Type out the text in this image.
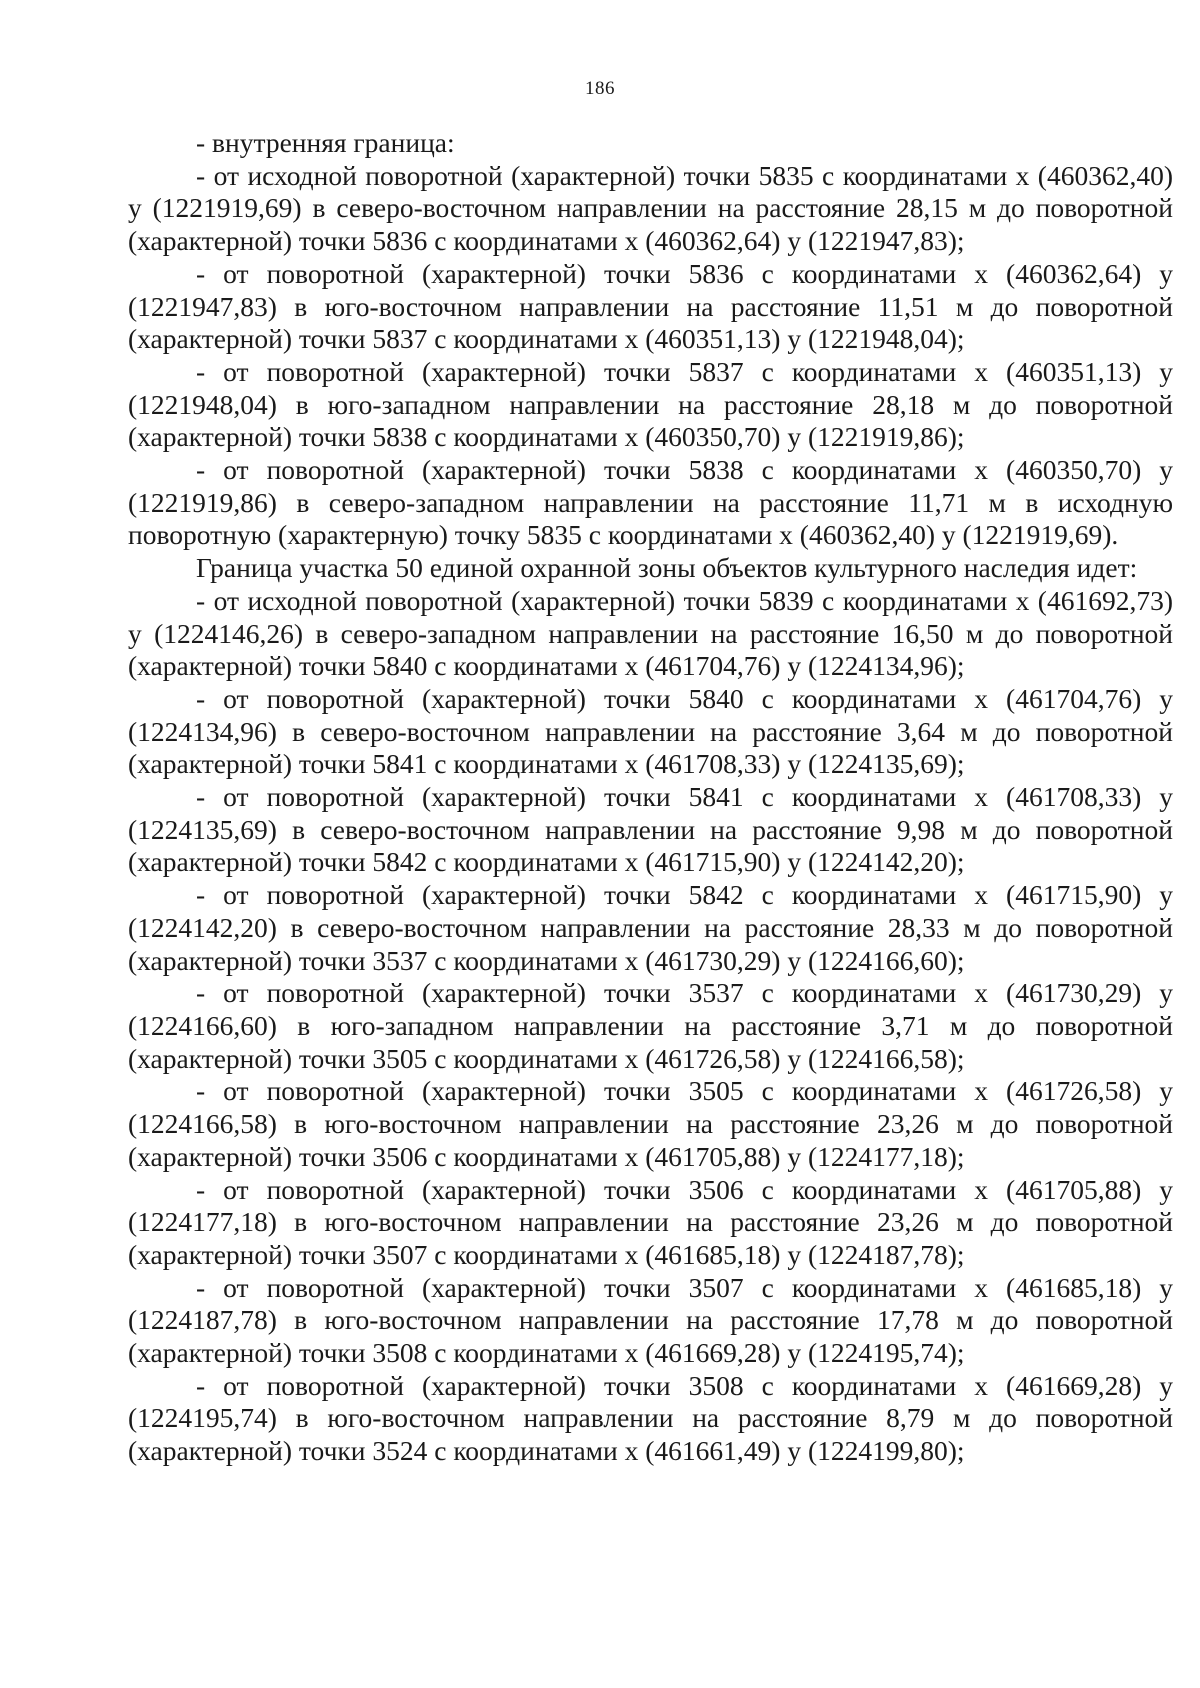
186

- внутренняя граница:

- от исходной поворотной (характерной) точки 5835 с координатами х (460362,40) у (1221919,69) в северо-восточном направлении на расстояние 28,15 м до поворотной (характерной) точки 5836 с координатами х (460362,64) у (1221947,83);

- от поворотной (характерной) точки 5836 с координатами х (460362,64) у (1221947,83) в юго-восточном направлении на расстояние 11,51 м до поворотной (характерной) точки 5837 с координатами х (460351,13) у (1221948,04);

- от поворотной (характерной) точки 5837 с координатами х (460351,13) у (1221948,04) в юго-западном направлении на расстояние 28,18 м до поворотной (характерной) точки 5838 с координатами х (460350,70) у (1221919,86);

- от поворотной (характерной) точки 5838 с координатами х (460350,70) у (1221919,86) в северо-западном направлении на расстояние 11,71 м в исходную поворотную (характерную) точку 5835 с координатами х (460362,40) у (1221919,69).

Граница участка 50 единой охранной зоны объектов культурного наследия идет:

- от исходной поворотной (характерной) точки 5839 с координатами х (461692,73) у (1224146,26) в северо-западном направлении на расстояние 16,50 м до поворотной (характерной) точки 5840 с координатами х (461704,76) у (1224134,96);

- от поворотной (характерной) точки 5840 с координатами х (461704,76) у (1224134,96) в северо-восточном направлении на расстояние 3,64 м до поворотной (характерной) точки 5841 с координатами х (461708,33) у (1224135,69);

- от поворотной (характерной) точки 5841 с координатами х (461708,33) у (1224135,69) в северо-восточном направлении на расстояние 9,98 м до поворотной (характерной) точки 5842 с координатами х (461715,90) у (1224142,20);

- от поворотной (характерной) точки 5842 с координатами х (461715,90) у (1224142,20) в северо-восточном направлении на расстояние 28,33 м до поворотной (характерной) точки 3537 с координатами х (461730,29) у (1224166,60);

- от поворотной (характерной) точки 3537 с координатами х (461730,29) у (1224166,60) в юго-западном направлении на расстояние 3,71 м до поворотной (характерной) точки 3505 с координатами х (461726,58) у (1224166,58);

- от поворотной (характерной) точки 3505 с координатами х (461726,58) у (1224166,58) в юго-восточном направлении на расстояние 23,26 м до поворотной (характерной) точки 3506 с координатами х (461705,88) у (1224177,18);

- от поворотной (характерной) точки 3506 с координатами х (461705,88) у (1224177,18) в юго-восточном направлении на расстояние 23,26 м до поворотной (характерной) точки 3507 с координатами х (461685,18) у (1224187,78);

- от поворотной (характерной) точки 3507 с координатами х (461685,18) у (1224187,78) в юго-восточном направлении на расстояние 17,78 м до поворотной (характерной) точки 3508 с координатами х (461669,28) у (1224195,74);

- от поворотной (характерной) точки 3508 с координатами х (461669,28) у (1224195,74) в юго-восточном направлении на расстояние 8,79 м до поворотной (характерной) точки 3524 с координатами х (461661,49) у (1224199,80);
